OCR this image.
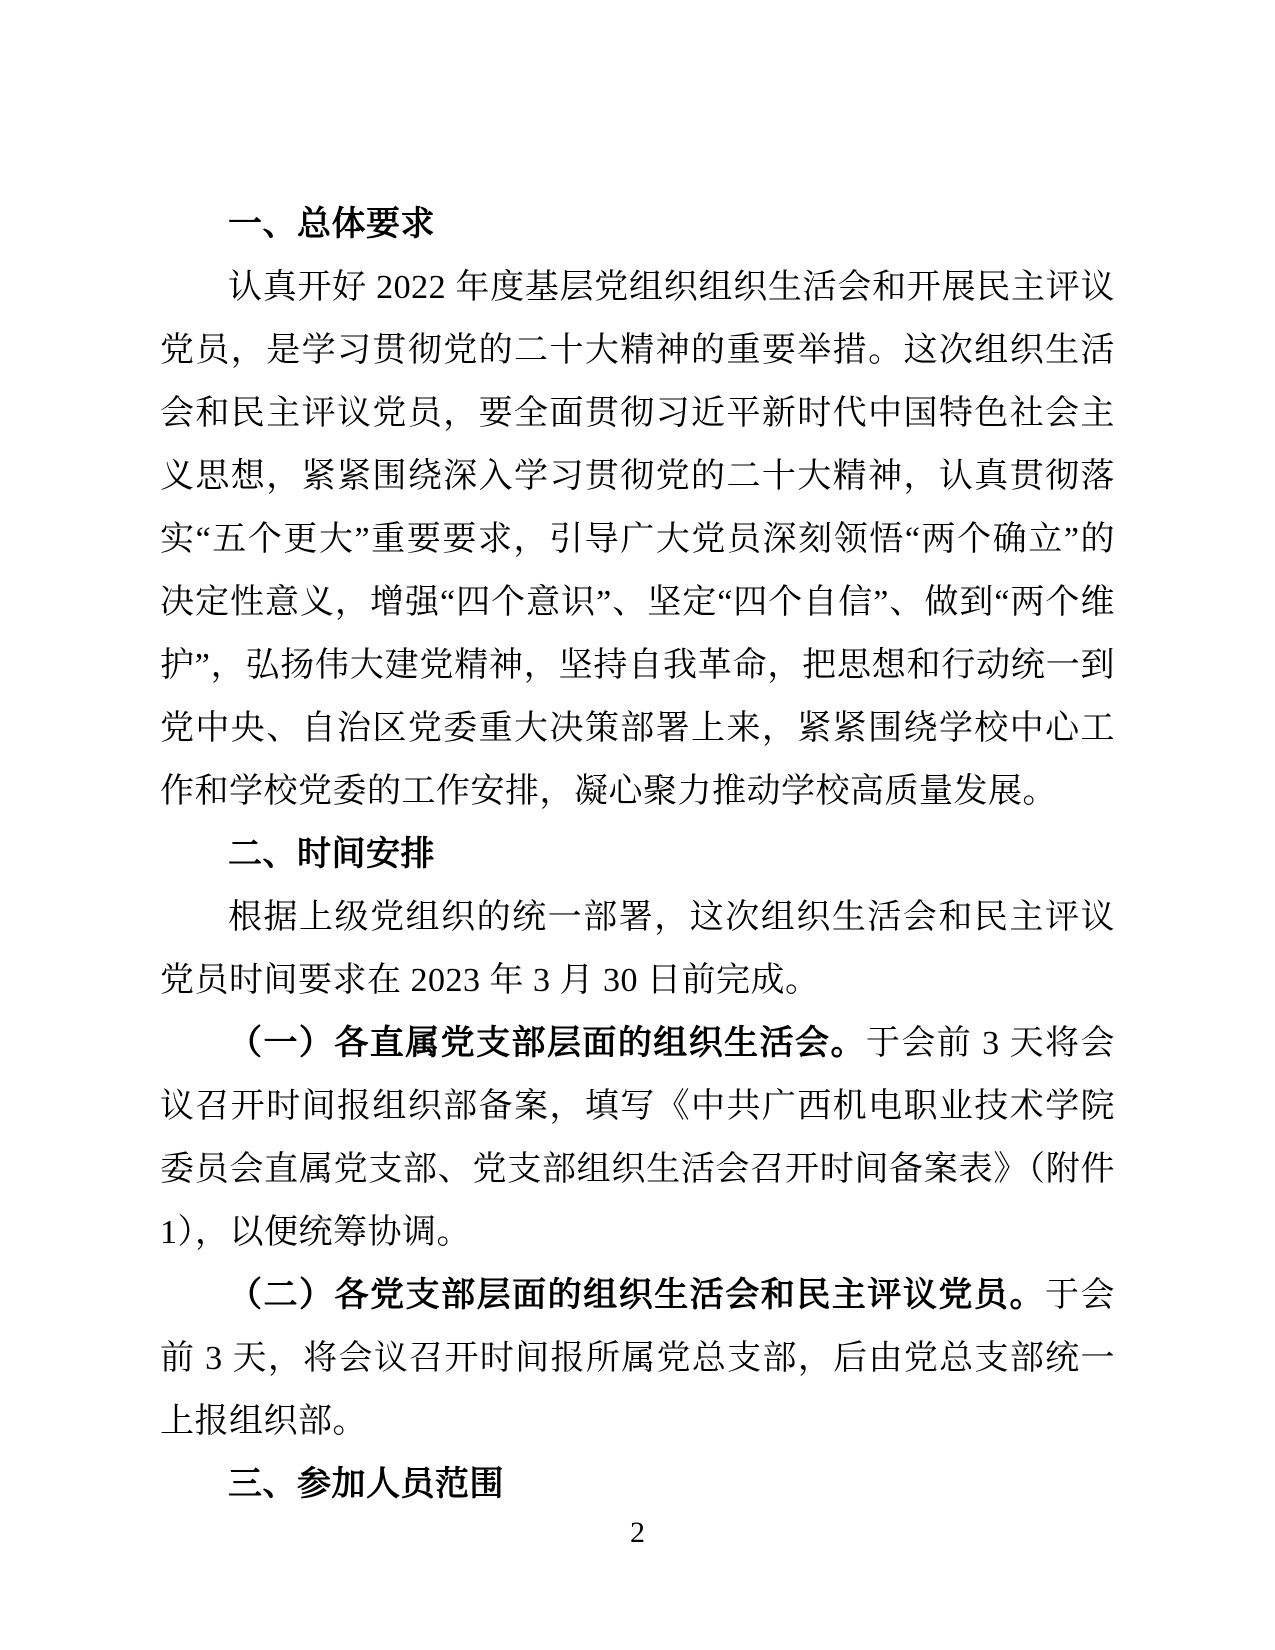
一、总体要求

认真开好 2022 年度基层党组织组织生活会和开展民主评议党员，是学习贯彻党的二十大精神的重要举措。这次组织生活会和民主评议党员，要全面贯彻习近平新时代中国特色社会主义思想，紧紧围绕深入学习贯彻党的二十大精神，认真贯彻落实“五个更大”重要要求，引导广大党员深刻领悟“两个确立”的决定性意义，增强“四个意识”、坚定“四个自信”、做到“两个维护”，弘扬伟大建党精神，坚持自我革命，把思想和行动统一到党中央、自治区党委重大决策部署上来，紧紧围绕学校中心工作和学校党委的工作安排，凝心聚力推动学校高质量发展。

二、时间安排

根据上级党组织的统一部署，这次组织生活会和民主评议党员时间要求在 2023 年 3 月 30 日前完成。

（一）各直属党支部层面的组织生活会。于会前 3 天将会议召开时间报组织部备案，填写《中共广西机电职业技术学院委员会直属党支部、党支部组织生活会召开时间备案表》（附件 1），以便统筹协调。

（二）各党支部层面的组织生活会和民主评议党员。于会前 3 天，将会议召开时间报所属党总支部，后由党总支部统一上报组织部。

三、参加人员范围
2
